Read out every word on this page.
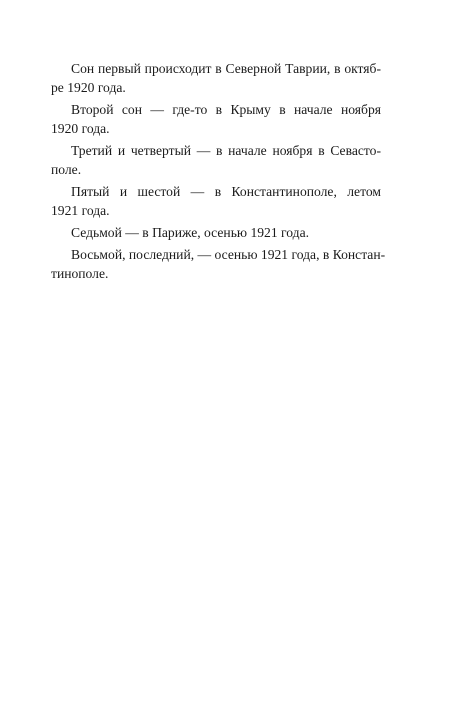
Сон первый происходит в Северной Таврии, в октяб-
ре 1920 года.

Второй сон — где-то в Крыму в начале ноября
1920 года.

Третий и четвертый — в начале ноября в Севасто-
поле.

Пятый и шестой — в Константинополе, летом
1921 года.

Седьмой — в Париже, осенью 1921 года.

Восьмой, последний, — осенью 1921 года, в Констан-
тинополе.
